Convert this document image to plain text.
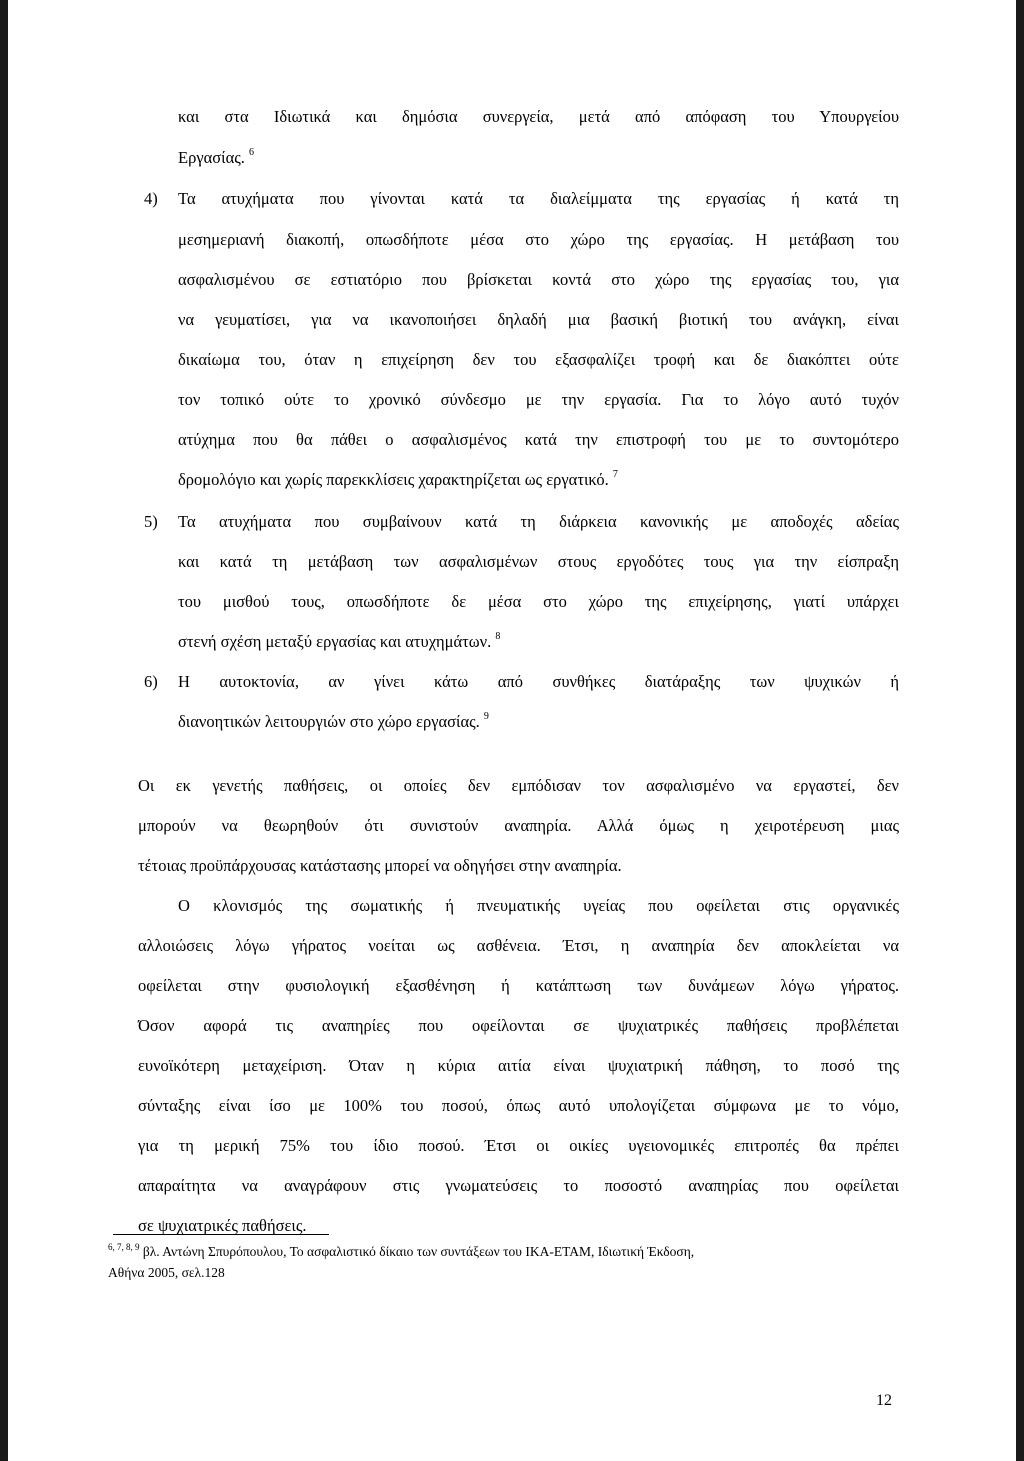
και στα Ιδιωτικά και δημόσια συνεργεία, μετά από απόφαση του Υπουργείου
Εργασίας. $^6$
4) Τα ατυχήματα που γίνονται κατά τα διαλείμματα της εργασίας ή κατά τη
μεσημεριανή διακοπή, οπωσδήποτε μέσα στο χώρο της εργασίας. Η μετάβαση του
ασφαλισμένου σε εστιατόριο που βρίσκεται κοντά στο χώρο της εργασίας του, για
να γευματίσει, για να ικανοποιήσει δηλαδή μια βασική βιοτική του ανάγκη, είναι
δικαίωμα του, όταν η επιχείρηση δεν του εξασφαλίζει τροφή και δε διακόπτει ούτε
τον τοπικό ούτε το χρονικό σύνδεσμο με την εργασία. Για το λόγο αυτό τυχόν
ατύχημα που θα πάθει ο ασφαλισμένος κατά την επιστροφή του με το συντομότερο
δρομολόγιο και χωρίς παρεκκλίσεις χαρακτηρίζεται ως εργατικό. $^7$
5) Τα ατυχήματα που συμβαίνουν κατά τη διάρκεια κανονικής με αποδοχές αδείας
και κατά τη μετάβαση των ασφαλισμένων στους εργοδότες τους για την είσπραξη
του μισθού τους, οπωσδήποτε δε μέσα στο χώρο της επιχείρησης, γιατί υπάρχει
στενή σχέση μεταξύ εργασίας και ατυχημάτων. $^8$
6) Η αυτοκτονία, αν γίνει κάτω από συνθήκες διατάραξης των ψυχικών ή
διανοητικών λειτουργιών στο χώρο εργασίας. $^9$
Οι εκ γενετής παθήσεις, οι οποίες δεν εμπόδισαν τον ασφαλισμένο να εργαστεί, δεν
μπορούν να θεωρηθούν ότι συνιστούν αναπηρία. Αλλά όμως η χειροτέρευση μιας
τέτοιας προϋπάρχουσας κατάστασης μπορεί να οδηγήσει στην αναπηρία.
Ο κλονισμός της σωματικής ή πνευματικής υγείας που οφείλεται στις οργανικές
αλλοιώσεις λόγω γήρατος νοείται ως ασθένεια. Έτσι, η αναπηρία δεν αποκλείεται να
οφείλεται στην φυσιολογική εξασθένηση ή κατάπτωση των δυνάμεων λόγω γήρατος.
Όσον αφορά τις αναπηρίες που οφείλονται σε ψυχιατρικές παθήσεις προβλέπεται
ευνοϊκότερη μεταχείριση. Όταν η κύρια αιτία είναι ψυχιατρική πάθηση, το ποσό της
σύνταξης είναι ίσο με 100% του ποσού, όπως αυτό υπολογίζεται σύμφωνα με το νόμο,
για τη μερική 75% του ίδιο ποσού. Έτσι οι οικίες υγειονομικές επιτροπές θα πρέπει
απαραίτητα να αναγράφουν στις γνωματεύσεις το ποσοστό αναπηρίας που οφείλεται
σε ψυχιατρικές παθήσεις.
$^{6, 7, 8, 9}$ βλ. Αντώνη Σπυρόπουλου, Το ασφαλιστικό δίκαιο των συντάξεων του ΙΚΑ-ΕΤΑΜ, Ιδιωτική Έκδοση,
Αθήνα 2005, σελ.128
12
